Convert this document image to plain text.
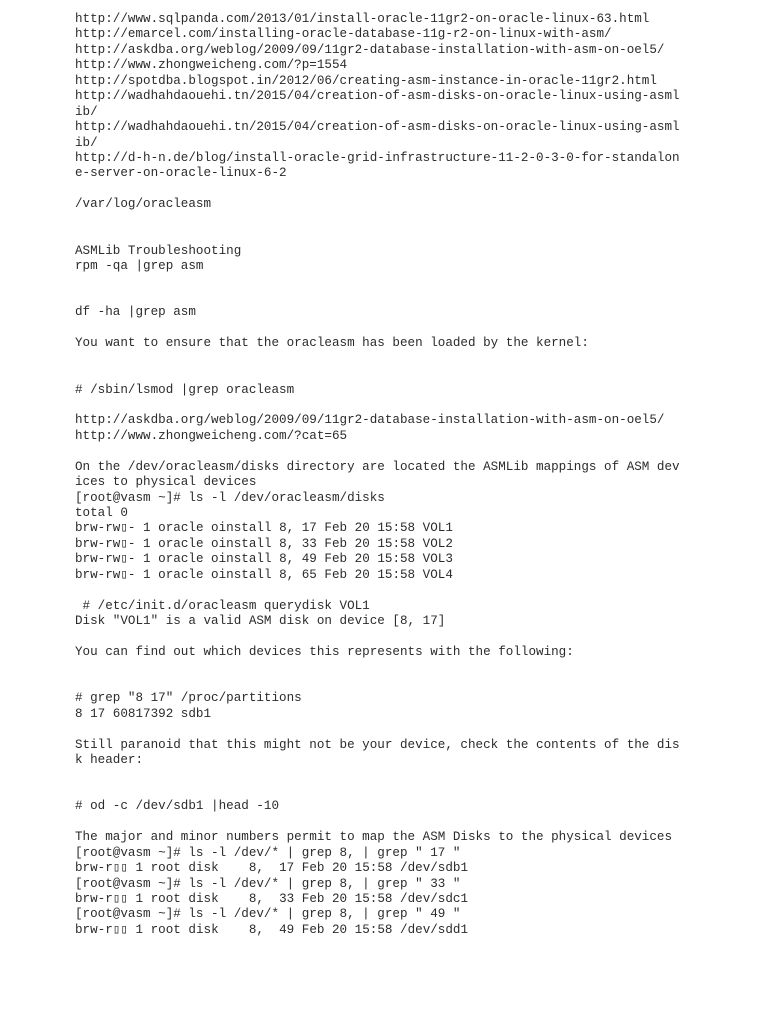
http://www.sqlpanda.com/2013/01/install-oracle-11gr2-on-oracle-linux-63.html
http://emarcel.com/installing-oracle-database-11g-r2-on-linux-with-asm/
http://askdba.org/weblog/2009/09/11gr2-database-installation-with-asm-on-oel5/
http://www.zhongweicheng.com/?p=1554
http://spotdba.blogspot.in/2012/06/creating-asm-instance-in-oracle-11gr2.html
http://wadhahdaouehi.tn/2015/04/creation-of-asm-disks-on-oracle-linux-using-asml
ib/
http://wadhahdaouehi.tn/2015/04/creation-of-asm-disks-on-oracle-linux-using-asml
ib/
http://d-h-n.de/blog/install-oracle-grid-infrastructure-11-2-0-3-0-for-standalon
e-server-on-oracle-linux-6-2
/var/log/oracleasm
ASMLib Troubleshooting
rpm -qa |grep asm
df -ha |grep asm
You want to ensure that the oracleasm has been loaded by the kernel:
# /sbin/lsmod |grep oracleasm
http://askdba.org/weblog/2009/09/11gr2-database-installation-with-asm-on-oel5/
http://www.zhongweicheng.com/?cat=65
On the /dev/oracleasm/disks directory are located the ASMLib mappings of ASM dev
ices to physical devices
[root@vasm ~]# ls -l /dev/oracleasm/disks
total 0
brw-rw▯- 1 oracle oinstall 8, 17 Feb 20 15:58 VOL1
brw-rw▯- 1 oracle oinstall 8, 33 Feb 20 15:58 VOL2
brw-rw▯- 1 oracle oinstall 8, 49 Feb 20 15:58 VOL3
brw-rw▯- 1 oracle oinstall 8, 65 Feb 20 15:58 VOL4
# /etc/init.d/oracleasm querydisk VOL1
Disk "VOL1" is a valid ASM disk on device [8, 17]
You can find out which devices this represents with the following:
# grep "8 17" /proc/partitions
8 17 60817392 sdb1
Still paranoid that this might not be your device, check the contents of the dis
k header:
# od -c /dev/sdb1 |head -10
The major and minor numbers permit to map the ASM Disks to the physical devices
[root@vasm ~]# ls -l /dev/* | grep 8, | grep " 17 "
brw-r▯▯ 1 root disk    8,  17 Feb 20 15:58 /dev/sdb1
[root@vasm ~]# ls -l /dev/* | grep 8, | grep " 33 "
brw-r▯▯ 1 root disk    8,  33 Feb 20 15:58 /dev/sdc1
[root@vasm ~]# ls -l /dev/* | grep 8, | grep " 49 "
brw-r▯▯ 1 root disk    8,  49 Feb 20 15:58 /dev/sdd1
